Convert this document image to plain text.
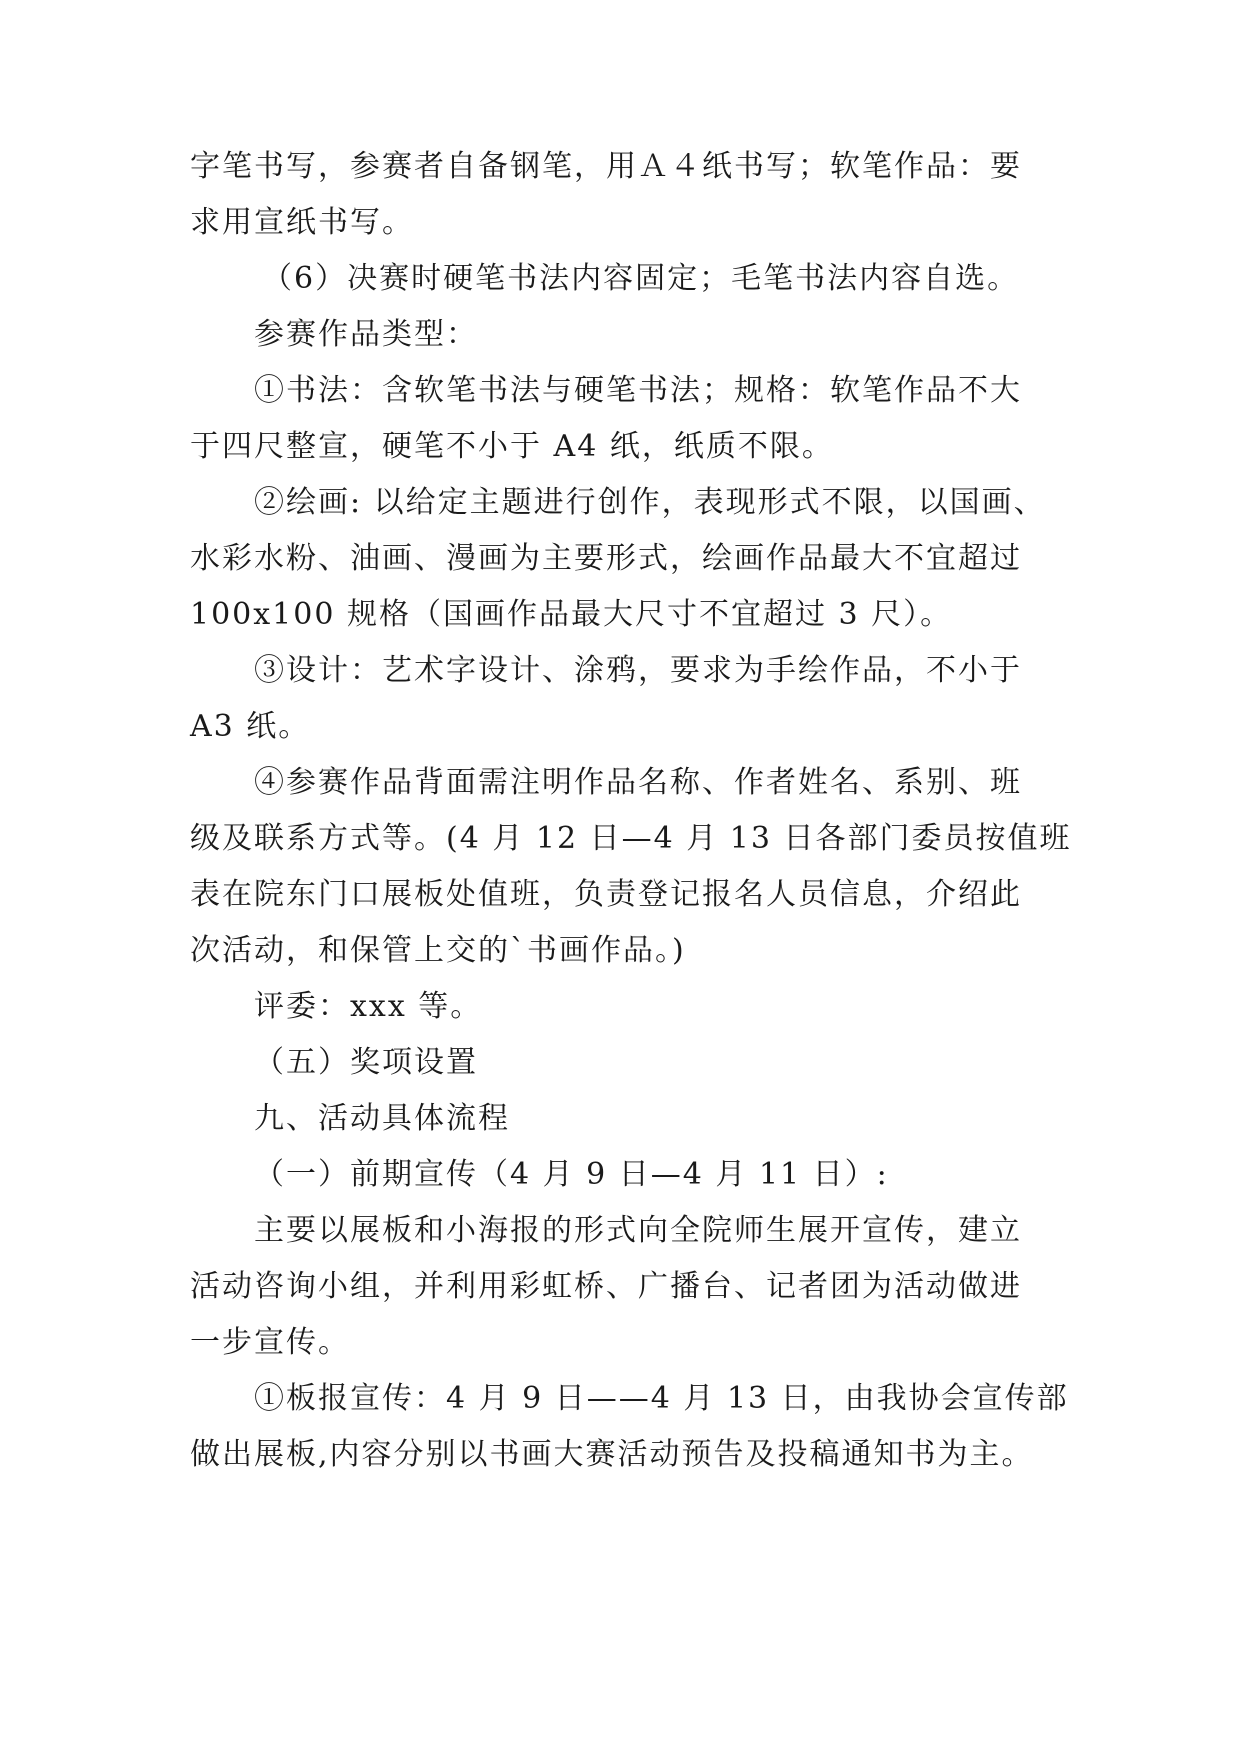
字笔书写，参赛者自备钢笔，用Ａ４纸书写；软笔作品：要
求用宣纸书写。
（6）决赛时硬笔书法内容固定；毛笔书法内容自选。
参赛作品类型：
①书法：含软笔书法与硬笔书法；规格：软笔作品不大
于四尺整宣，硬笔不小于 A4 纸，纸质不限。
②绘画: 以给定主题进行创作，表现形式不限，以国画、
水彩水粉、油画、漫画为主要形式，绘画作品最大不宜超过
100x100 规格（国画作品最大尺寸不宜超过 3 尺）。
③设计：艺术字设计、涂鸦，要求为手绘作品，不小于
A3 纸。
④参赛作品背面需注明作品名称、作者姓名、系别、班
级及联系方式等。(4 月 12 日—4 月 13 日各部门委员按值班
表在院东门口展板处值班，负责登记报名人员信息，介绍此
次活动，和保管上交的`书画作品。)
评委：xxx 等。
（五）奖项设置
九、活动具体流程
（一）前期宣传（4 月 9 日—4 月 11 日）:
主要以展板和小海报的形式向全院师生展开宣传，建立
活动咨询小组，并利用彩虹桥、广播台、记者团为活动做进
一步宣传。
①板报宣传：4 月 9 日——4 月 13 日，由我协会宣传部
做出展板,内容分别以书画大赛活动预告及投稿通知书为主。
